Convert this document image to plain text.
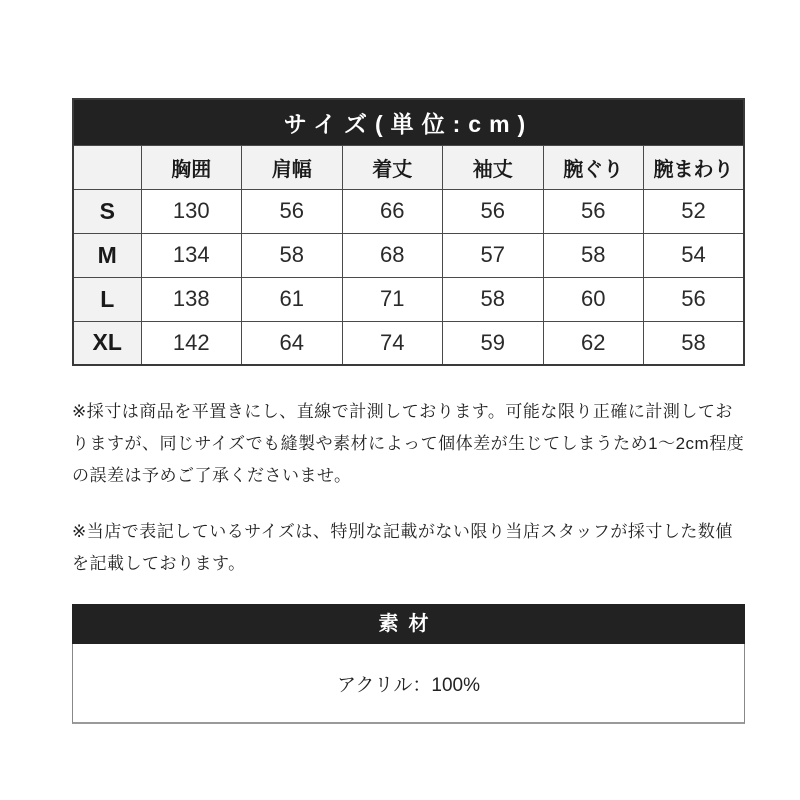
サイズ(単位:cm)						
	胸囲	肩幅	着丈	袖丈	腕ぐり	腕まわり
S	130	56	66	56	56	52
M	134	58	68	57	58	54
L	138	61	71	58	60	56
XL	142	64	74	59	62	58

※採寸は商品を平置きにし、直線で計測しております。可能な限り正確に計測しておりますが、同じサイズでも縫製や素材によって個体差が生じてしまうため1～2cm程度の誤差は予めご了承くださいませ。

※当店で表記しているサイズは、特別な記載がない限り当店スタッフが採寸した数値を記載しております。

素材
アクリル：100%
